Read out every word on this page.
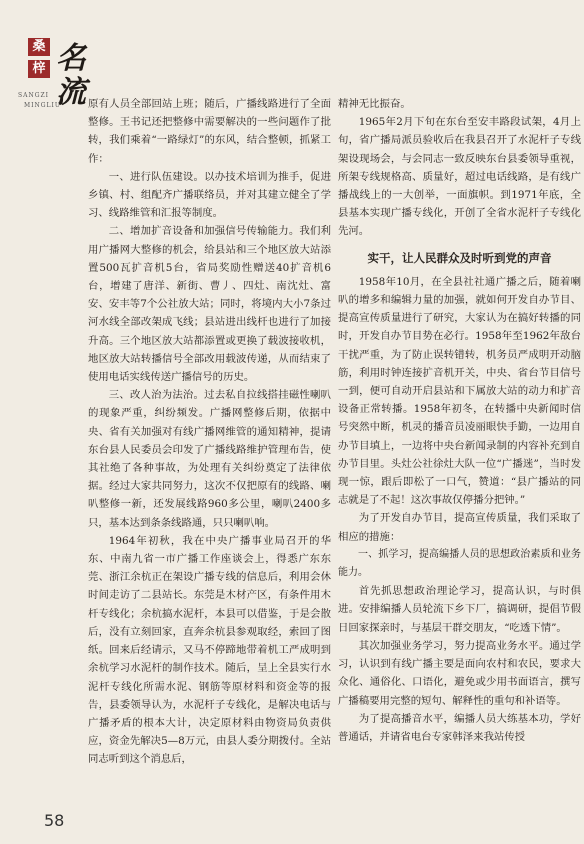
桑
梓 名
流
SANGZI
MINGLIU	原有人员全部回站上班；随后，广播线路进行了全面整修。王书记还把整修中需要解决的一些问题作了批转，我们乘着“一路绿灯”的东风，结合整顿，抓紧工作：

一、进行队伍建设。以办技术培训为推手，促进乡镇、村、组配齐广播联络员，并对其建立健全了学习、线路维管和汇报等制度。

二、增加扩音设备和加强信号传输能力。我们利用广播网大整修的机会，给县站和三个地区放大站添置500瓦扩音机5台，省局奖励性赠送40扩音机6台，增建了唐洋、新街、曹丿、四灶、南沈灶、富安、安丰等7个公社放大站；同时，将境内大小7条过河水线全部改架成飞线；县站进出线杆也进行了加接升高。三个地区放大站都添置或更换了载波接收机，地区放大站转播信号全部改用载波传递，从而结束了使用电话实线传送广播信号的历史。

三、改人治为法治。过去私自拉线搭挂磁性喇叭的现象严重，纠纷频发。广播网整修后期，依据中央、省有关加强对有线广播网维管的通知精神，提请东台县人民委员会印发了广播线路维护管理布告，使其社绝了各种事故，为处理有关纠纷奠定了法律依据。经过大家共同努力，这次不仅把原有的线路、喇叭整修一新，还发展线路960多公里，喇叭2400多只，基本达到条条线路通，只只喇叭响。

1964年初秋，我在中央广播事业局召开的华东、中南九省一市广播工作座谈会上，得悉广东东莞、浙江余杭正在架设广播专线的信息后，利用会休时间走访了二县站长。东莞是木材产区，有条件用木杆专线化；余杭搞水泥杆，本县可以借鉴，于是会散后，没有立刻回家，直奔余杭县参观取经，索回了图纸。回来后经请示，又马不停蹄地带着机工严成明到余杭学习水泥杆的制作技术。随后，呈上全县实行水泥杆专线化所需水泥、钢筋等原材料和资金等的报告，县委领导认为，水泥杆子专线化，是解决电话与广播矛盾的根本大计，决定原材料由物资局负责供应，资金先解决5—8万元，由县人委分期拨付。全站同志听到这个消息后，

精神无比振奋。

1965年2月下旬在东台至安丰路段试架，4月上旬，省广播局派员验收后在我县召开了水泥杆子专线架设现场会，与会同志一致反映东台县委领导重视，所架专线规格高、质量好，超过电话线路，是有线广播战线上的一大创举，一面旗帜。到1971年底，全县基本实现广播专线化，开创了全省水泥杆子专线化先河。

实干，让人民群众及时听到党的声音

1958年10月，在全县社社通广播之后，随着喇叭的增多和编辑力量的加强，就如何开发自办节目、提高宣传质量进行了研究，大家认为在搞好转播的同时，开发自办节目势在必行。1958年至1962年敌台干扰严重，为了防止误转错转，机务员严成明开动脑筋，利用时钟连接扩音机开关，中央、省台节目信号一到，便可自动开启县站和下属放大站的动力和扩音设备正常转播。1958年初冬，在转播中央新闻时信号突然中断，机灵的播音员凌丽眼快手勤，一边用自办节目填上，一边将中央台新闻录制的内容补充到自办节目里。头灶公社徐灶大队一位“广播迷”，当时发现一惊，跟后即松了一口气，赞道：“县广播站的同志就是了不起！这次事故仅停播分把钟。”

为了开发自办节目，提高宣传质量，我们采取了相应的措施：

一、抓学习，提高编播人员的思想政治素质和业务能力。

首先抓思想政治理论学习，提高认识，与时俱进。安排编播人员轮流下乡下厂，搞调研，提倡节假日回家探亲时，与基层干群交朋友，“吃透下情”。

其次加强业务学习，努力提高业务水平。通过学习，认识到有线广播主要是面向农村和农民，要求大众化、通俗化、口语化，避免或少用书面语言，撰写广播稿要用完整的短句、解释性的重句和补语等。

为了提高播音水平，编播人员大练基本功，学好普通话，并请省电台专家韩泽来我站传授

58
